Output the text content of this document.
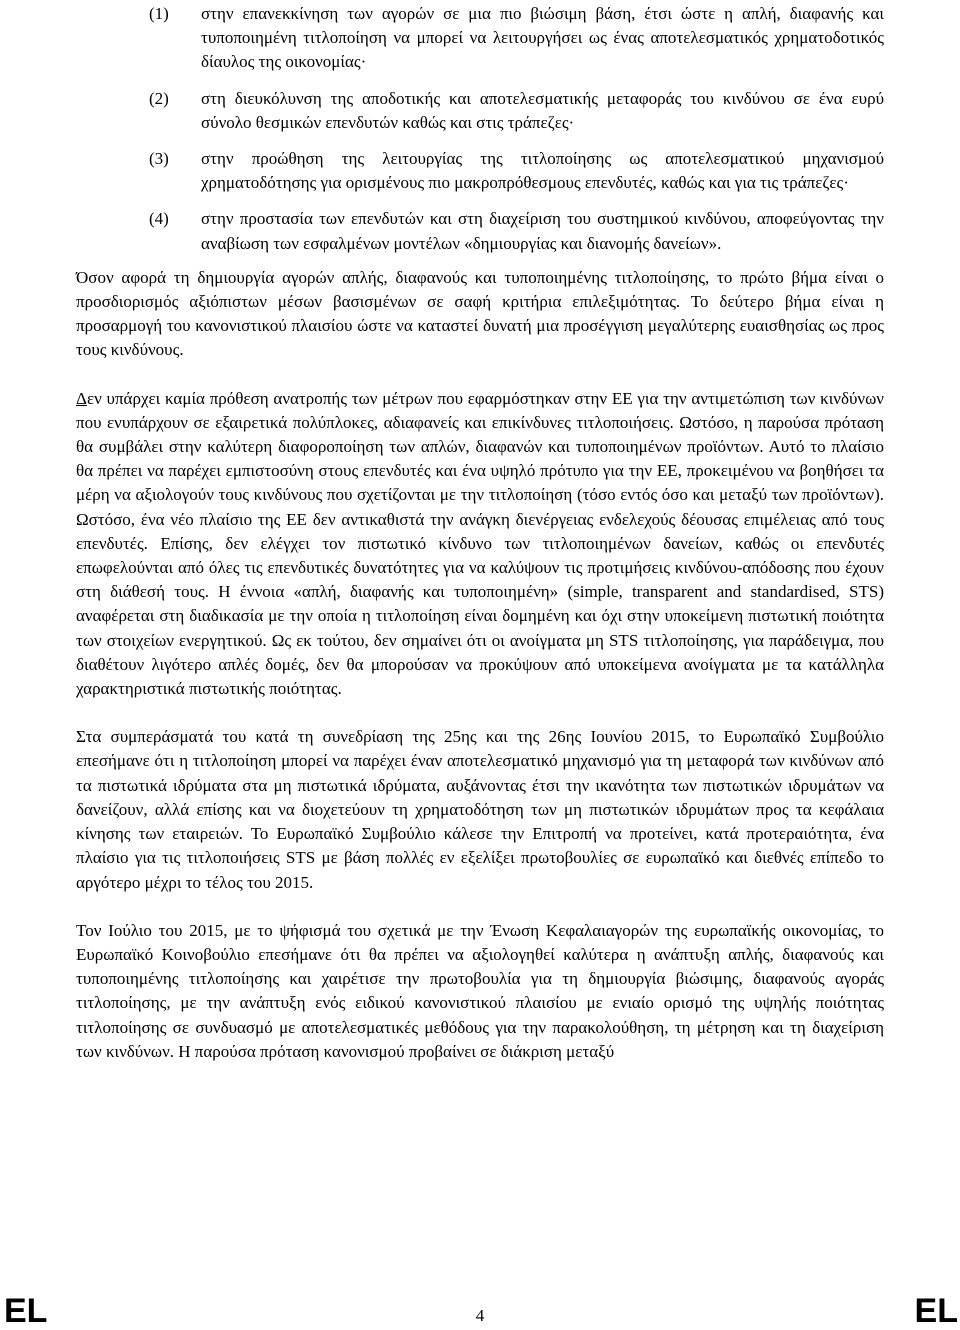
(1) στην επανεκκίνηση των αγορών σε μια πιο βιώσιμη βάση, έτσι ώστε η απλή, διαφανής και τυποποιημένη τιτλοποίηση να μπορεί να λειτουργήσει ως ένας αποτελεσματικός χρηματοδοτικός δίαυλος της οικονομίας·
(2) στη διευκόλυνση της αποδοτικής και αποτελεσματικής μεταφοράς του κινδύνου σε ένα ευρύ σύνολο θεσμικών επενδυτών καθώς και στις τράπεζες·
(3) στην προώθηση της λειτουργίας της τιτλοποίησης ως αποτελεσματικού μηχανισμού χρηματοδότησης για ορισμένους πιο μακροπρόθεσμους επενδυτές, καθώς και για τις τράπεζες·
(4) στην προστασία των επενδυτών και στη διαχείριση του συστημικού κινδύνου, αποφεύγοντας την αναβίωση των εσφαλμένων μοντέλων «δημιουργίας και διανομής δανείων».

Όσον αφορά τη δημιουργία αγορών απλής, διαφανούς και τυποποιημένης τιτλοποίησης, το πρώτο βήμα είναι ο προσδιορισμός αξιόπιστων μέσων βασισμένων σε σαφή κριτήρια επιλεξιμότητας. Το δεύτερο βήμα είναι η προσαρμογή του κανονιστικού πλαισίου ώστε να καταστεί δυνατή μια προσέγγιση μεγαλύτερης ευαισθησίας ως προς τους κινδύνους.

Δεν υπάρχει καμία πρόθεση ανατροπής των μέτρων που εφαρμόστηκαν στην ΕΕ για την αντιμετώπιση των κινδύνων που ενυπάρχουν σε εξαιρετικά πολύπλοκες, αδιαφανείς και επικίνδυνες τιτλοποιήσεις. Ωστόσο, η παρούσα πρόταση θα συμβάλει στην καλύτερη διαφοροποίηση των απλών, διαφανών και τυποποιημένων προϊόντων. Αυτό το πλαίσιο θα πρέπει να παρέχει εμπιστοσύνη στους επενδυτές και ένα υψηλό πρότυπο για την ΕΕ, προκειμένου να βοηθήσει τα μέρη να αξιολογούν τους κινδύνους που σχετίζονται με την τιτλοποίηση (τόσο εντός όσο και μεταξύ των προϊόντων). Ωστόσο, ένα νέο πλαίσιο της ΕΕ δεν αντικαθιστά την ανάγκη διενέργειας ενδελεχούς δέουσας επιμέλειας από τους επενδυτές. Επίσης, δεν ελέγχει τον πιστωτικό κίνδυνο των τιτλοποιημένων δανείων, καθώς οι επενδυτές επωφελούνται από όλες τις επενδυτικές δυνατότητες για να καλύψουν τις προτιμήσεις κινδύνου-απόδοσης που έχουν στη διάθεσή τους. Η έννοια «απλή, διαφανής και τυποποιημένη» (simple, transparent and standardised, STS) αναφέρεται στη διαδικασία με την οποία η τιτλοποίηση είναι δομημένη και όχι στην υποκείμενη πιστωτική ποιότητα των στοιχείων ενεργητικού. Ως εκ τούτου, δεν σημαίνει ότι οι ανοίγματα μη STS τιτλοποίησης, για παράδειγμα, που διαθέτουν λιγότερο απλές δομές, δεν θα μπορούσαν να προκύψουν από υποκείμενα ανοίγματα με τα κατάλληλα χαρακτηριστικά πιστωτικής ποιότητας.

Στα συμπεράσματά του κατά τη συνεδρίαση της 25ης και της 26ης Ιουνίου 2015, το Ευρωπαϊκό Συμβούλιο επεσήμανε ότι η τιτλοποίηση μπορεί να παρέχει έναν αποτελεσματικό μηχανισμό για τη μεταφορά των κινδύνων από τα πιστωτικά ιδρύματα στα μη πιστωτικά ιδρύματα, αυξάνοντας έτσι την ικανότητα των πιστωτικών ιδρυμάτων να δανείζουν, αλλά επίσης και να διοχετεύουν τη χρηματοδότηση των μη πιστωτικών ιδρυμάτων προς τα κεφάλαια κίνησης των εταιρειών. Το Ευρωπαϊκό Συμβούλιο κάλεσε την Επιτροπή να προτείνει, κατά προτεραιότητα, ένα πλαίσιο για τις τιτλοποιήσεις STS με βάση πολλές εν εξελίξει πρωτοβουλίες σε ευρωπαϊκό και διεθνές επίπεδο το αργότερο μέχρι το τέλος του 2015.

Τον Ιούλιο του 2015, με το ψήφισμά του σχετικά με την Ένωση Κεφαλαιαγορών της ευρωπαϊκής οικονομίας, το Ευρωπαϊκό Κοινοβούλιο επεσήμανε ότι θα πρέπει να αξιολογηθεί καλύτερα η ανάπτυξη απλής, διαφανούς και τυποποιημένης τιτλοποίησης και χαιρέτισε την πρωτοβουλία για τη δημιουργία βιώσιμης, διαφανούς αγοράς τιτλοποίησης, με την ανάπτυξη ενός ειδικού κανονιστικού πλαισίου με ενιαίο ορισμό της υψηλής ποιότητας τιτλοποίησης σε συνδυασμό με αποτελεσματικές μεθόδους για την παρακολούθηση, τη μέτρηση και τη διαχείριση των κινδύνων. Η παρούσα πρόταση κανονισμού προβαίνει σε διάκριση μεταξύ

EL	4	EL
